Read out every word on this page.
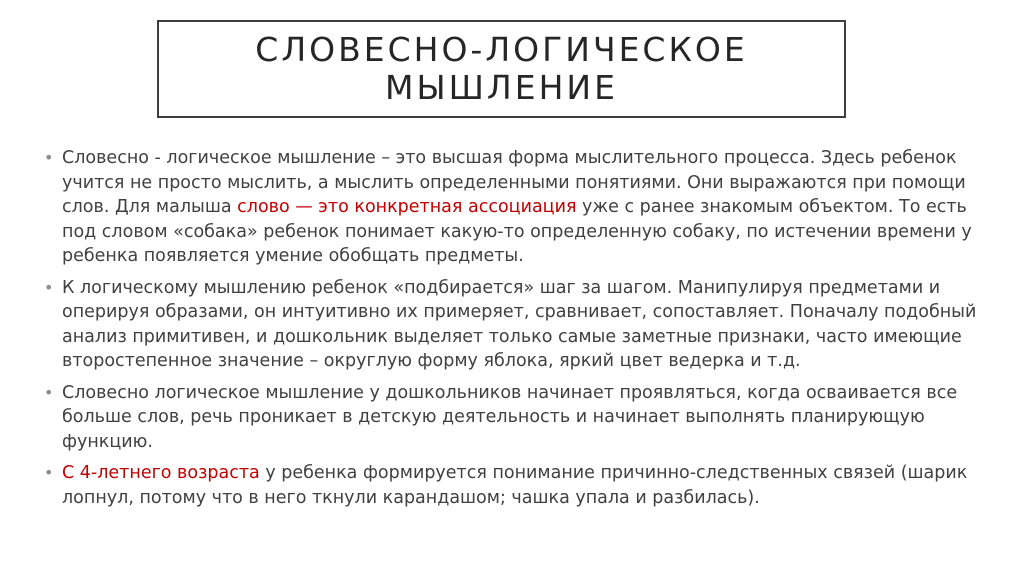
СЛОВЕСНО-ЛОГИЧЕСКОЕ
МЫШЛЕНИЕ
• Словесно - логическое мышление – это высшая форма мыслительного процесса. Здесь ребенок учится не просто мыслить, а мыслить определенными понятиями. Они выражаются при помощи слов. Для малыша слово — это конкретная ассоциация уже с ранее знакомым объектом. То есть под словом «собака» ребенок понимает какую-то определенную собаку, по истечении времени у ребенка появляется умение обобщать предметы.
• К логическому мышлению ребенок «подбирается» шаг за шагом. Манипулируя предметами и оперируя образами, он интуитивно их примеряет, сравнивает, сопоставляет. Поначалу подобный анализ примитивен, и дошкольник выделяет только самые заметные признаки, часто имеющие второстепенное значение – округлую форму яблока, яркий цвет ведерка и т.д.
• Словесно логическое мышление у дошкольников начинает проявляться, когда осваивается все больше слов, речь проникает в детскую деятельность и начинает выполнять планирующую функцию.
• С 4-летнего возраста у ребенка формируется понимание причинно-следственных связей (шарик лопнул, потому что в него ткнули карандашом; чашка упала и разбилась).
